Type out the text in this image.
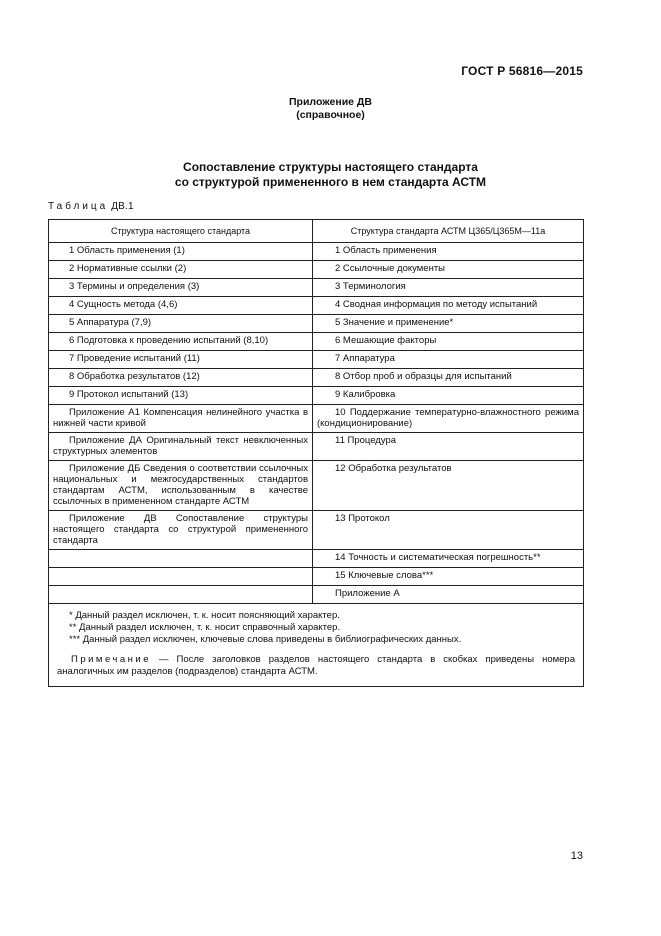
ГОСТ Р 56816—2015
Приложение ДВ
(справочное)
Сопоставление структуры настоящего стандарта
со структурой примененного в нем стандарта АСТМ
Таблица ДВ.1
Структура настоящего стандарта	Структура стандарта АСТМ Ц365/Ц365М—11а
1 Область применения (1)	1 Область применения
2 Нормативные ссылки (2)	2 Ссылочные документы
3 Термины и определения (3)	3 Терминология
4 Сущность метода (4,6)	4 Сводная информация по методу испытаний
5 Аппаратура (7,9)	5 Значение и применение*
6 Подготовка к проведению испытаний (8,10)	6 Мешающие факторы
7 Проведение испытаний (11)	7 Аппаратура
8 Обработка результатов (12)	8 Отбор проб и образцы для испытаний
9 Протокол испытаний (13)	9 Калибровка
Приложение А1 Компенсация нелинейного участка в нижней части кривой	10 Поддержание температурно-влажностного режима (кондиционирование)
Приложение ДА Оригинальный текст невключенных структурных элементов	11 Процедура
Приложение ДБ Сведения о соответствии ссылочных национальных и межгосударственных стандартов стандартам АСТМ, использованным в качестве ссылочных в примененном стандарте АСТМ	12 Обработка результатов
Приложение ДВ Сопоставление структуры настоящего стандарта со структурой примененного стандарта	13 Протокол
	14 Точность и систематическая погрешность**
	15 Ключевые слова***
	Приложение А

* Данный раздел исключен, т. к. носит поясняющий характер.
** Данный раздел исключен, т. к. носит справочный характер.
*** Данный раздел исключен, ключевые слова приведены в библиографических данных.
Примечание — После заголовков разделов настоящего стандарта в скобках приведены номера аналогичных им разделов (подразделов) стандарта АСТМ.	
13
